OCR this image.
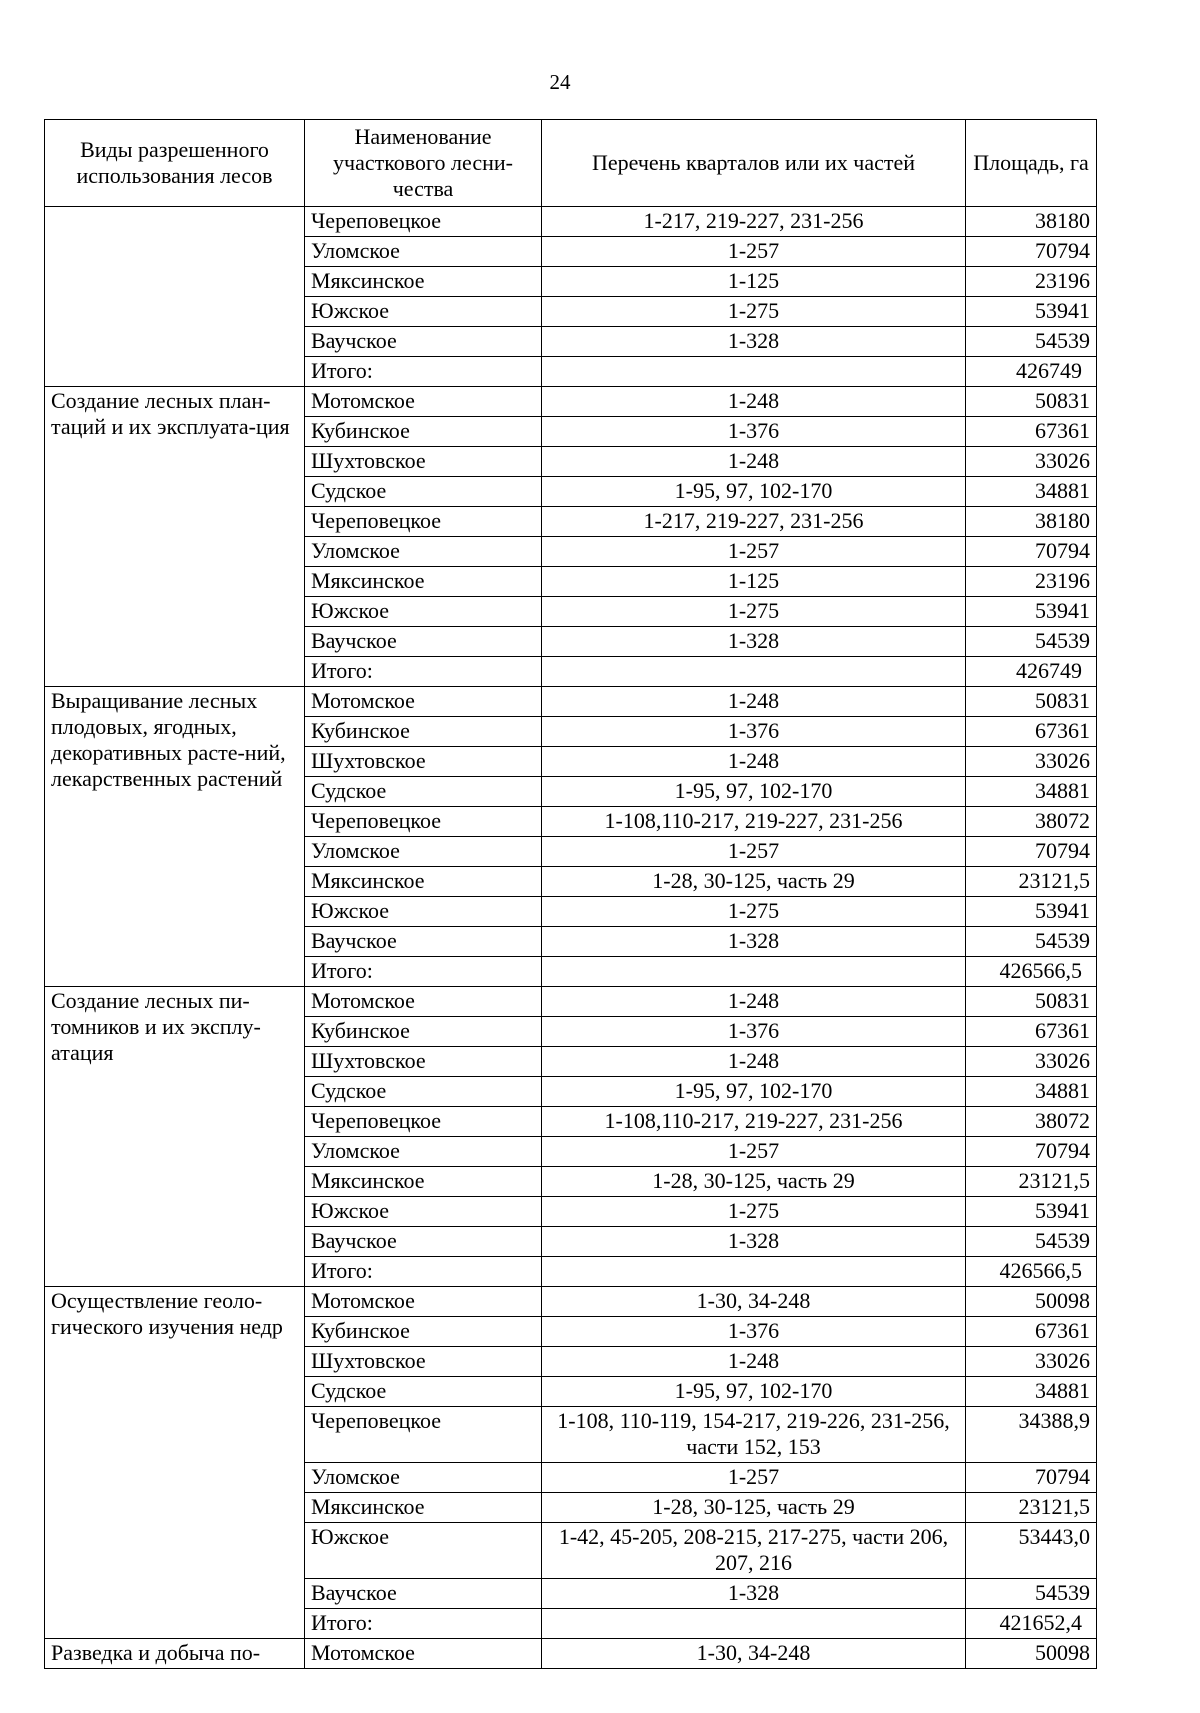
24
Виды разрешенного использования лесов	Наименование участкового лесни-чества	Перечень кварталов или их частей	Площадь, га
	Череповецкое	1-217, 219-227, 231-256	38180
	Уломское	1-257	70794
	Мяксинское	1-125	23196
	Южское	1-275	53941
	Ваучское	1-328	54539
	Итого:		426749
Создание лесных план-таций и их эксплуата-ция	Мотомское	1-248	50831
	Кубинское	1-376	67361
	Шухтовское	1-248	33026
	Судское	1-95, 97, 102-170	34881
	Череповецкое	1-217, 219-227, 231-256	38180
	Уломское	1-257	70794
	Мяксинское	1-125	23196
	Южское	1-275	53941
	Ваучское	1-328	54539
	Итого:		426749
Выращивание лесных плодовых, ягодных, декоративных расте-ний, лекарственных растений	Мотомское	1-248	50831
	Кубинское	1-376	67361
	Шухтовское	1-248	33026
	Судское	1-95, 97, 102-170	34881
	Череповецкое	1-108,110-217, 219-227, 231-256	38072
	Уломское	1-257	70794
	Мяксинское	1-28, 30-125, часть 29	23121,5
	Южское	1-275	53941
	Ваучское	1-328	54539
	Итого:		426566,5
Создание лесных пи-томников и их эксплу-атация	Мотомское	1-248	50831
	Кубинское	1-376	67361
	Шухтовское	1-248	33026
	Судское	1-95, 97, 102-170	34881
	Череповецкое	1-108,110-217, 219-227, 231-256	38072
	Уломское	1-257	70794
	Мяксинское	1-28, 30-125, часть 29	23121,5
	Южское	1-275	53941
	Ваучское	1-328	54539
	Итого:		426566,5
Осуществление геоло-гического изучения недр	Мотомское	1-30, 34-248	50098
	Кубинское	1-376	67361
	Шухтовское	1-248	33026
	Судское	1-95, 97, 102-170	34881
	Череповецкое	1-108, 110-119, 154-217, 219-226, 231-256, части 152, 153	34388,9
	Уломское	1-257	70794
	Мяксинское	1-28, 30-125, часть 29	23121,5
	Южское	1-42, 45-205, 208-215, 217-275, части 206, 207, 216	53443,0
	Ваучское	1-328	54539
	Итого:		421652,4
Разведка и добыча по-	Мотомское	1-30, 34-248	50098
